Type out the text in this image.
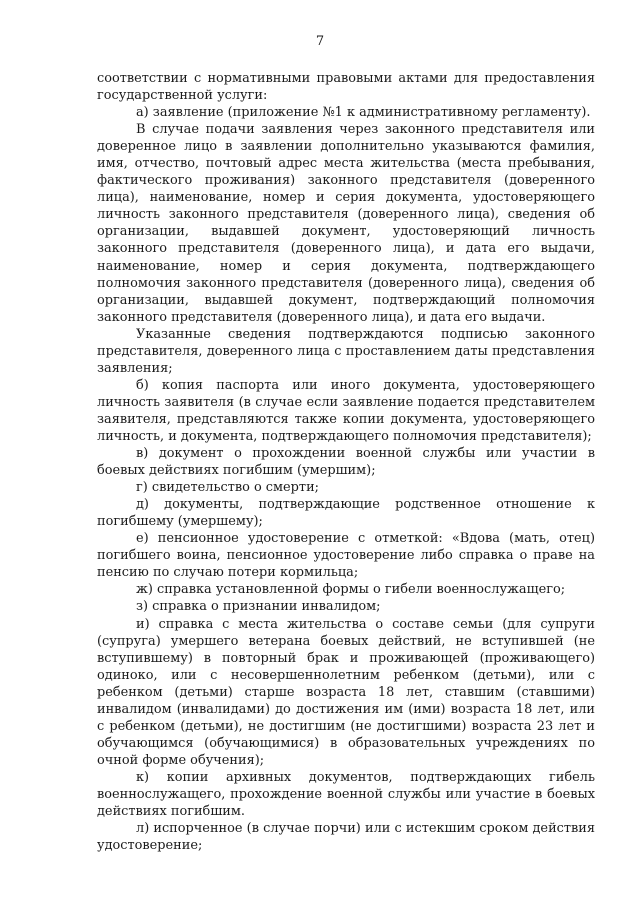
7

соответствии с нормативными правовыми актами для предоставления государственной услуги:

а) заявление (приложение №1 к административному регламенту).

В случае подачи заявления через законного представителя или доверенное лицо в заявлении дополнительно указываются фамилия, имя, отчество, почтовый адрес места жительства (места пребывания, фактического проживания) законного представителя (доверенного лица), наименование, номер и серия документа, удостоверяющего личность законного представителя (доверенного лица), сведения об организации, выдавшей документ, удостоверяющий личность законного представителя (доверенного лица), и дата его выдачи, наименование, номер и серия документа, подтверждающего полномочия законного представителя (доверенного лица), сведения об организации, выдавшей документ, подтверждающий полномочия законного представителя (доверенного лица), и дата его выдачи.

Указанные сведения подтверждаются подписью законного представителя, доверенного лица с проставлением даты представления заявления;

б) копия паспорта или иного документа, удостоверяющего личность заявителя (в случае если заявление подается представителем заявителя, представляются также копии документа, удостоверяющего личность, и документа, подтверждающего полномочия представителя);

в) документ о прохождении военной службы или участии в боевых действиях погибшим (умершим);

г) свидетельство о смерти;

д) документы, подтверждающие родственное отношение к погибшему (умершему);

е) пенсионное удостоверение с отметкой: «Вдова (мать, отец) погибшего воина, пенсионное удостоверение либо справка о праве на пенсию по случаю потери кормильца;

ж) справка установленной формы о гибели военнослужащего;

з) справка о признании инвалидом;

и) справка с места жительства о составе семьи (для супруги (супруга) умершего ветерана боевых действий, не вступившей (не вступившему) в повторный брак и проживающей (проживающего) одиноко, или с несовершеннолетним ребенком (детьми), или с ребенком (детьми) старше возраста 18 лет, ставшим (ставшими) инвалидом (инвалидами) до достижения им (ими) возраста 18 лет, или с ребенком (детьми), не достигшим (не достигшими) возраста 23 лет и обучающимся (обучающимися) в образовательных учреждениях по очной форме обучения);

к) копии архивных документов, подтверждающих гибель военнослужащего, прохождение военной службы или участие в боевых действиях погибшим.

л) испорченное (в случае порчи) или с истекшим сроком действия удостоверение;
